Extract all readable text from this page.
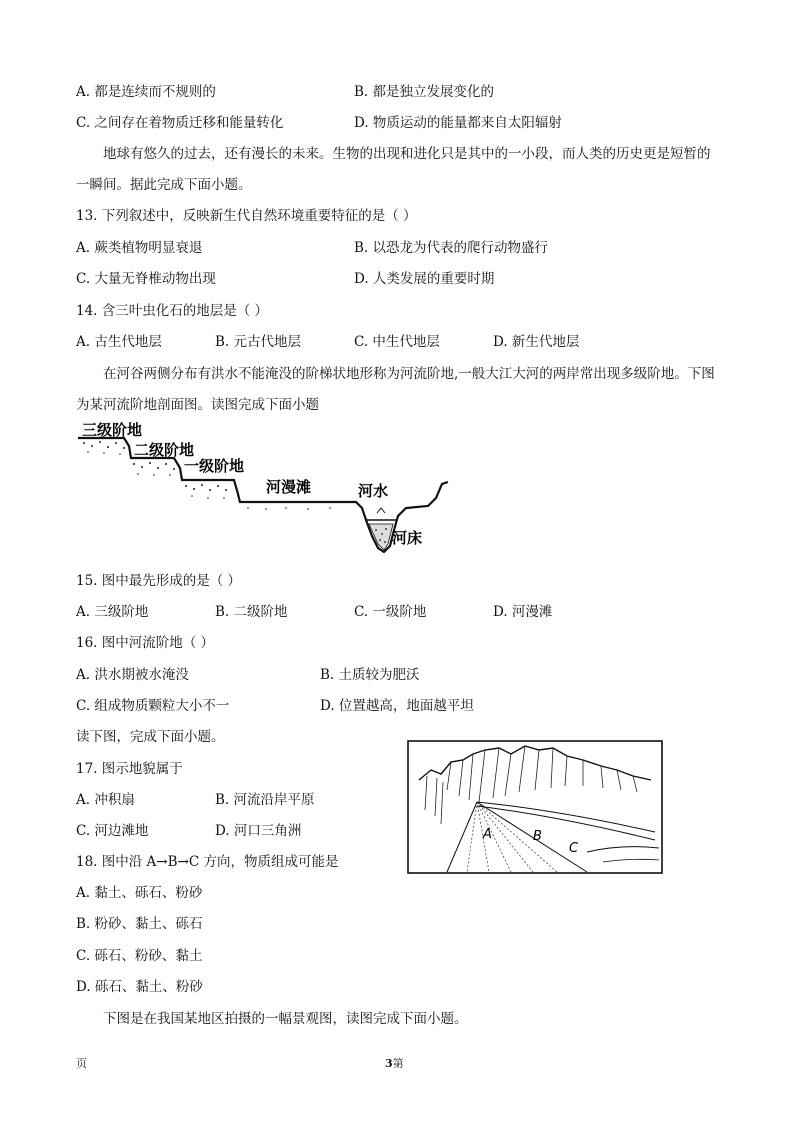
A. 都是连续而不规则的	B. 都是独立发展变化的
C. 之间存在着物质迁移和能量转化	D. 物质运动的能量都来自太阳辐射
地球有悠久的过去，还有漫长的未来。生物的出现和进化只是其中的一小段，而人类的历史更是短暂的一瞬间。据此完成下面小题。
13. 下列叙述中，反映新生代自然环境重要特征的是（ ）
A. 蕨类植物明显衰退	B. 以恐龙为代表的爬行动物盛行
C. 大量无脊椎动物出现	D. 人类发展的重要时期
14. 含三叶虫化石的地层是（ ）
A. 古生代地层	B. 元古代地层	C. 中生代地层	D. 新生代地层
在河谷两侧分布有洪水不能淹没的阶梯状地形称为河流阶地,一般大江大河的两岸常出现多级阶地。下图为某河流阶地剖面图。读图完成下面小题
三级阶地
二级阶地
一级阶地
河漫滩	河水
河床
15. 图中最先形成的是（ ）
A. 三级阶地	B. 二级阶地	C. 一级阶地	D. 河漫滩
16. 图中河流阶地（ ）
A. 洪水期被水淹没	B. 土质较为肥沃
C. 组成物质颗粒大小不一	D. 位置越高，地面越平坦
读下图，完成下面小题。
17. 图示地貌属于
A. 冲积扇	B. 河流沿岸平原
C. 河边滩地	D. 河口三角洲
18. 图中沿 A→B→C 方向，物质组成可能是
A. 黏土、砾石、粉砂
B. 粉砂、黏土、砾石
C. 砾石、粉砂、黏土
D. 砾石、黏土、粉砂
A	B
C
下图是在我国某地区拍摄的一幅景观图，读图完成下面小题。
页	3第
